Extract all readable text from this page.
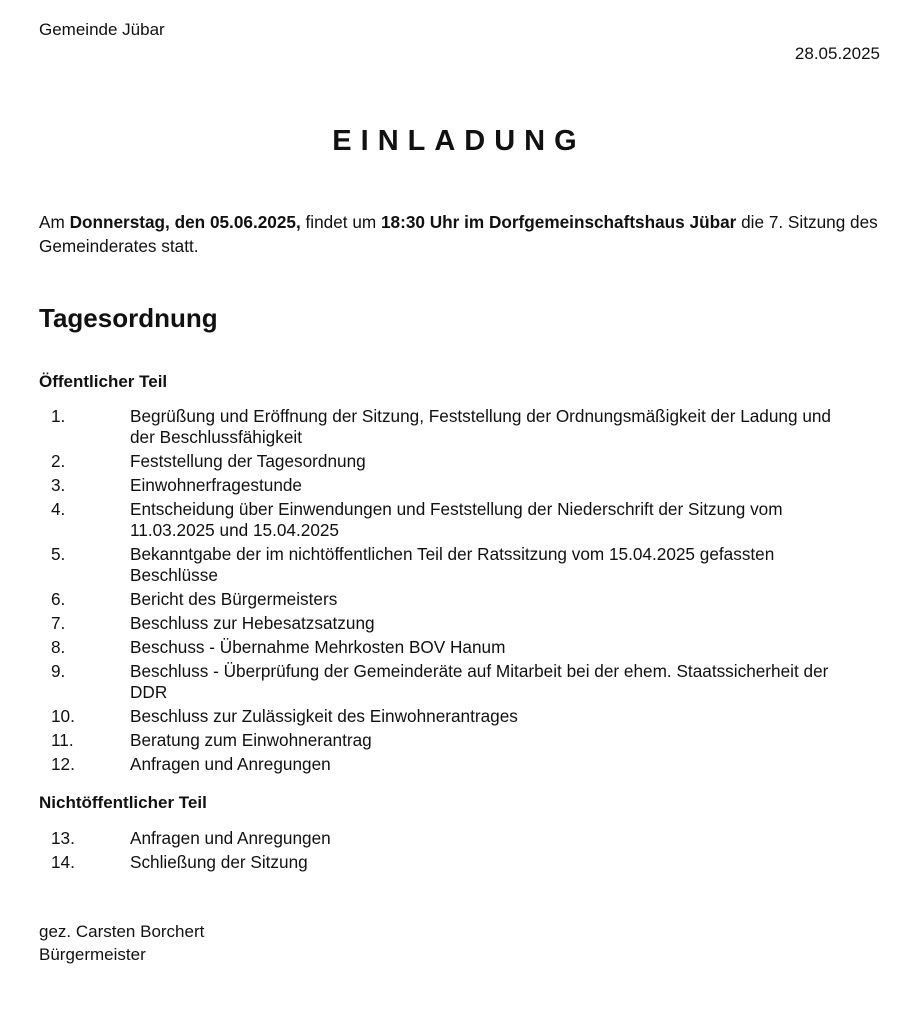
Gemeinde Jübar
28.05.2025
EINLADUNG
Am Donnerstag, den 05.06.2025, findet um 18:30 Uhr im Dorfgemeinschaftshaus Jübar die 7. Sitzung des Gemeinderates statt.
Tagesordnung
Öffentlicher Teil
1.	Begrüßung und Eröffnung der Sitzung, Feststellung der Ordnungsmäßigkeit der Ladung und der Beschlussfähigkeit
2.	Feststellung der Tagesordnung
3.	Einwohnerfragestunde
4.	Entscheidung über Einwendungen und Feststellung der Niederschrift der Sitzung vom 11.03.2025 und 15.04.2025
5.	Bekanntgabe der im nichtöffentlichen Teil der Ratssitzung vom 15.04.2025 gefassten Beschlüsse
6.	Bericht des Bürgermeisters
7.	Beschluss zur Hebesatzsatzung
8.	Beschuss - Übernahme Mehrkosten BOV Hanum
9.	Beschluss - Überprüfung der Gemeinderäte auf Mitarbeit bei der ehem. Staatssicherheit der DDR
10.	Beschluss zur Zulässigkeit des Einwohnerantrages
11.	Beratung zum Einwohnerantrag
12.	Anfragen und Anregungen
Nichtöffentlicher Teil
13.	Anfragen und Anregungen
14.	Schließung der Sitzung
gez. Carsten Borchert
Bürgermeister
